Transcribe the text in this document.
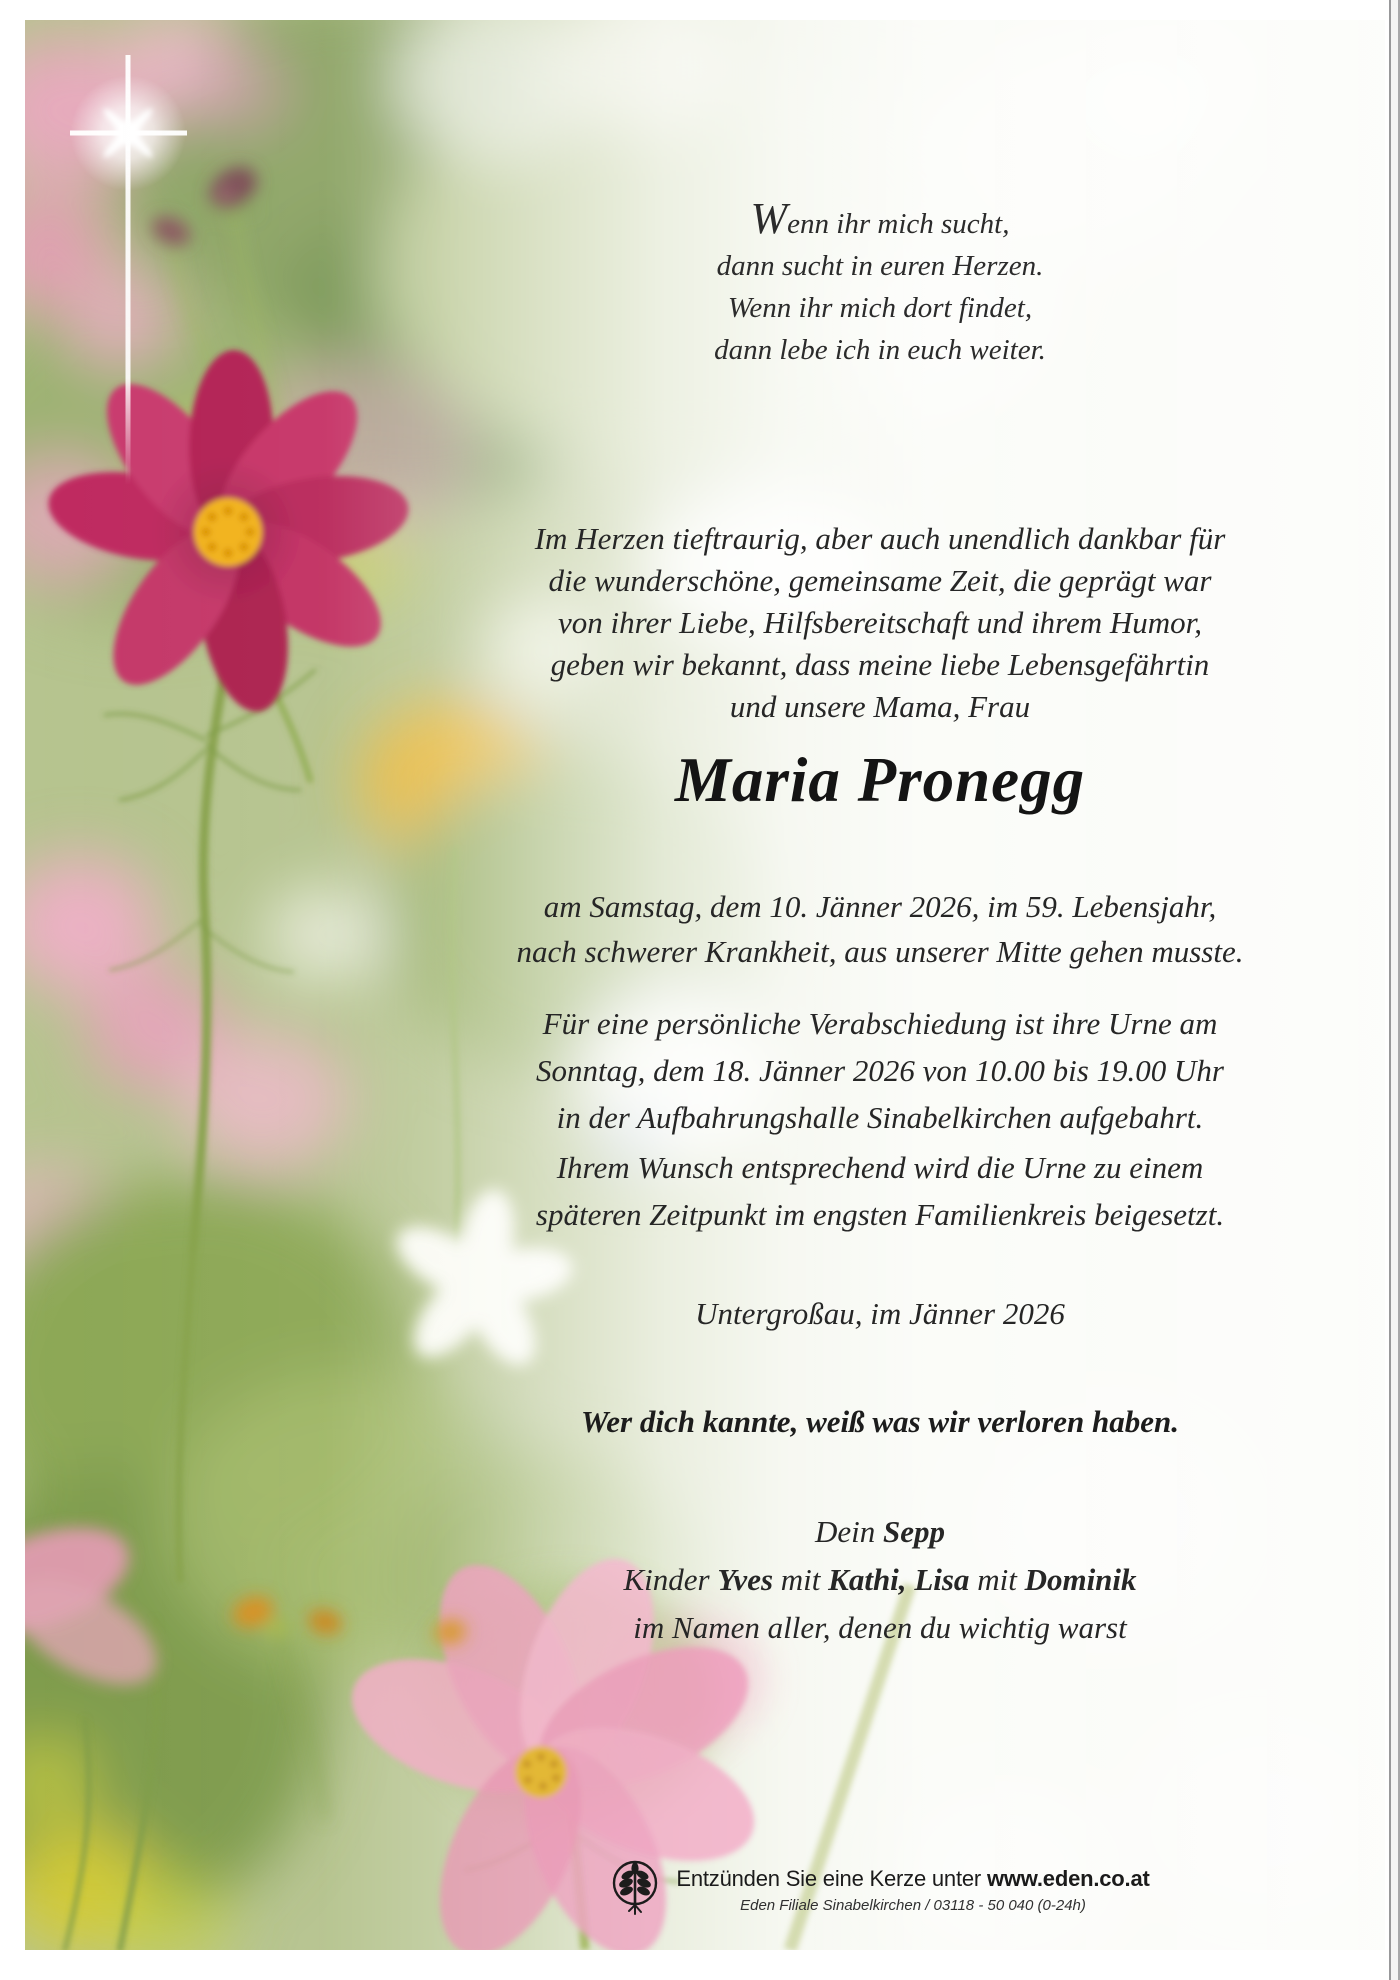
Wenn ihr mich sucht,
dann sucht in euren Herzen.
Wenn ihr mich dort findet,
dann lebe ich in euch weiter.
Im Herzen tieftraurig, aber auch unendlich dankbar für
die wunderschöne, gemeinsame Zeit, die geprägt war
von ihrer Liebe, Hilfsbereitschaft und ihrem Humor,
geben wir bekannt, dass meine liebe Lebensgefährtin
und unsere Mama, Frau
Maria Pronegg
am Samstag, dem 10. Jänner 2026, im 59. Lebensjahr,
nach schwerer Krankheit, aus unserer Mitte gehen musste.
Für eine persönliche Verabschiedung ist ihre Urne am
Sonntag, dem 18. Jänner 2026 von 10.00 bis 19.00 Uhr
in der Aufbahrungshalle Sinabelkirchen aufgebahrt.
Ihrem Wunsch entsprechend wird die Urne zu einem
späteren Zeitpunkt im engsten Familienkreis beigesetzt.
Untergroßau, im Jänner 2026
Wer dich kannte, weiß was wir verloren haben.
Dein Sepp
Kinder Yves mit Kathi, Lisa mit Dominik
im Namen aller, denen du wichtig warst
Entzünden Sie eine Kerze unter www.eden.co.at
Eden Filiale Sinabelkirchen / 03118 - 50 040 (0-24h)
